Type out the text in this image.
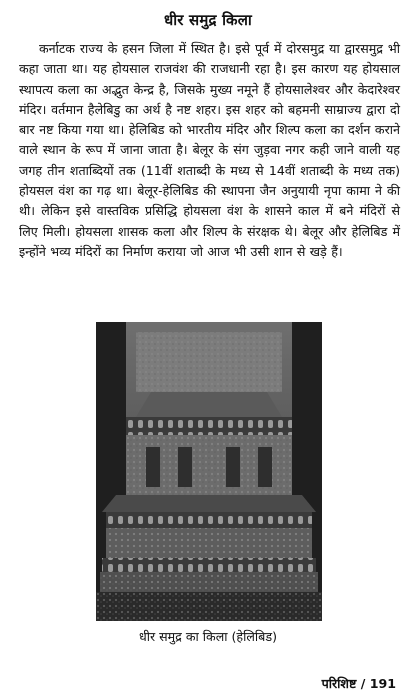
धीर समुद्र किला

कर्नाटक राज्य के हसन जिला में स्थित है। इसे पूर्व में दोरसमुद्र या द्वारसमुद्र भी कहा जाता था। यह होयसाल राजवंश की राजधानी रहा है। इस कारण यह होयसाल स्थापत्य कला का अद्भुत केन्द्र है, जिसके मुख्य नमूने हैं होयसालेश्वर और केदारेश्वर मंदिर। वर्तमान हैलेबिडु का अर्थ है नष्ट शहर। इस शहर को बहमनी साम्राज्य द्वारा दो बार नष्ट किया गया था। हेलिबिड को भारतीय मंदिर और शिल्प कला का दर्शन कराने वाले स्थान के रूप में जाना जाता है। बेलूर के संग जुड़वा नगर कही जाने वाली यह जगह तीन शताब्दियों तक (11वीं शताब्दी के मध्य से 14वीं शताब्दी के मध्य तक) होयसल वंश का गढ़ था। बेलूर-हेलिबिड की स्थापना जैन अनुयायी नृपा कामा ने की थी। लेकिन इसे वास्तविक प्रसिद्धि होयसला वंश के शासने काल में बने मंदिरों से लिए मिली। होयसला शासक कला और शिल्प के संरक्षक थे। बेलूर और हेलिबिड में इन्होंने भव्य मंदिरों का निर्माण कराया जो आज भी उसी शान से खड़े हैं।

धीर समुद्र का किला (हेलिबिड)
परिशिष्ट / 191
